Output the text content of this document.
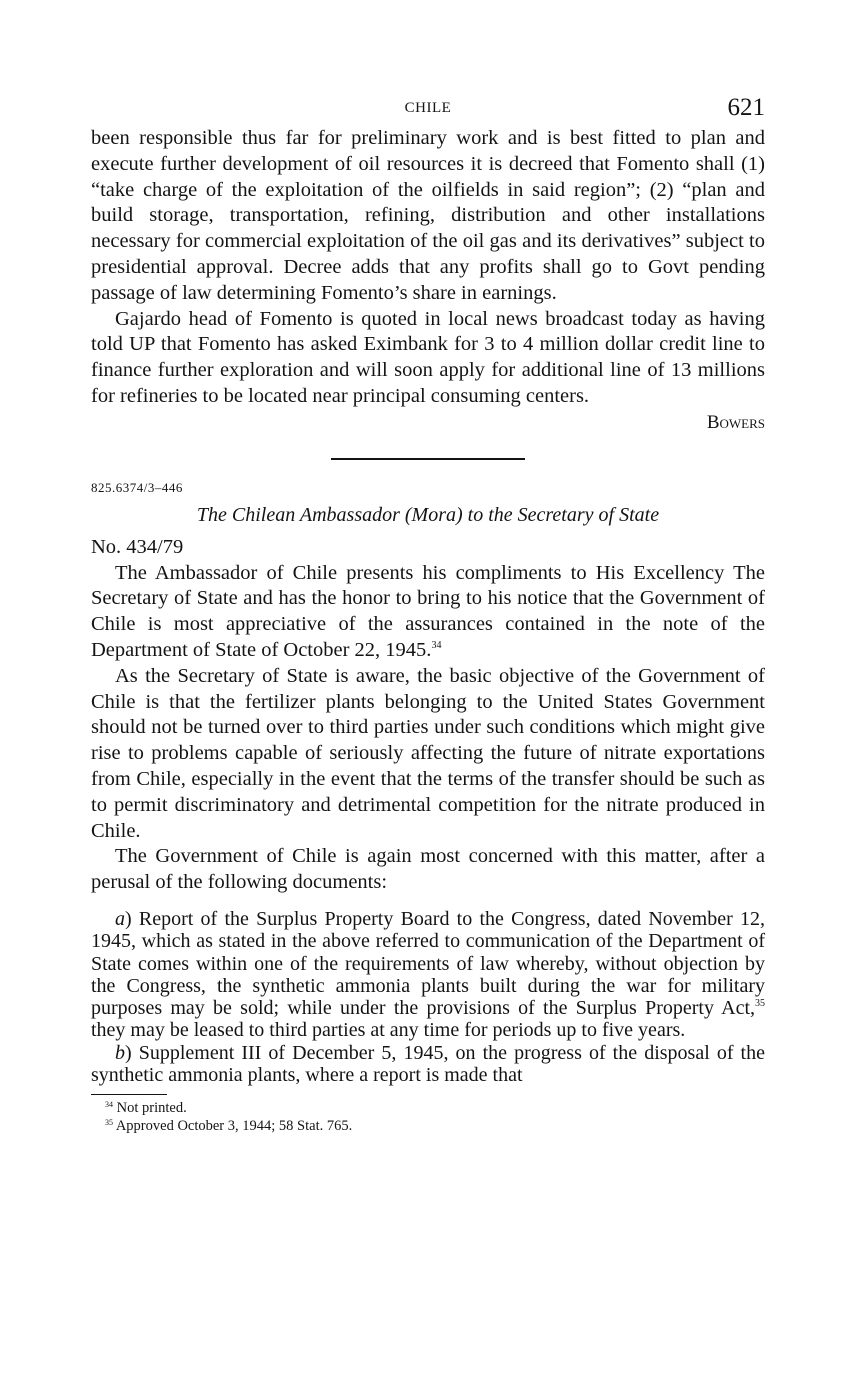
CHILE	621

been responsible thus far for preliminary work and is best fitted to plan and execute further development of oil resources it is decreed that Fomento shall (1) “take charge of the exploitation of the oilfields in said region”; (2) “plan and build storage, transportation, refining, distribution and other installations necessary for commercial exploitation of the oil gas and its derivatives” subject to presidential approval. Decree adds that any profits shall go to Govt pending passage of law determining Fomento’s share in earnings.

Gajardo head of Fomento is quoted in local news broadcast today as having told UP that Fomento has asked Eximbank for 3 to 4 million dollar credit line to finance further exploration and will soon apply for additional line of 13 millions for refineries to be located near principal consuming centers.

Bowers
825.6374/3–446
The Chilean Ambassador (Mora) to the Secretary of State

No. 434/79

The Ambassador of Chile presents his compliments to His Excellency The Secretary of State and has the honor to bring to his notice that the Government of Chile is most appreciative of the assurances contained in the note of the Department of State of October 22, 1945.34

As the Secretary of State is aware, the basic objective of the Government of Chile is that the fertilizer plants belonging to the United States Government should not be turned over to third parties under such conditions which might give rise to problems capable of seriously affecting the future of nitrate exportations from Chile, especially in the event that the terms of the transfer should be such as to permit discriminatory and detrimental competition for the nitrate produced in Chile.

The Government of Chile is again most concerned with this matter, after a perusal of the following documents:

a) Report of the Surplus Property Board to the Congress, dated November 12, 1945, which as stated in the above referred to communication of the Department of State comes within one of the requirements of law whereby, without objection by the Congress, the synthetic ammonia plants built during the war for military purposes may be sold; while under the provisions of the Surplus Property Act,$^{35}$ they may be leased to third parties at any time for periods up to five years.

b) Supplement III of December 5, 1945, on the progress of the disposal of the synthetic ammonia plants, where a report is made that

$^{34}$ Not printed.

$^{35}$ Approved October 3, 1944; 58 Stat. 765.
